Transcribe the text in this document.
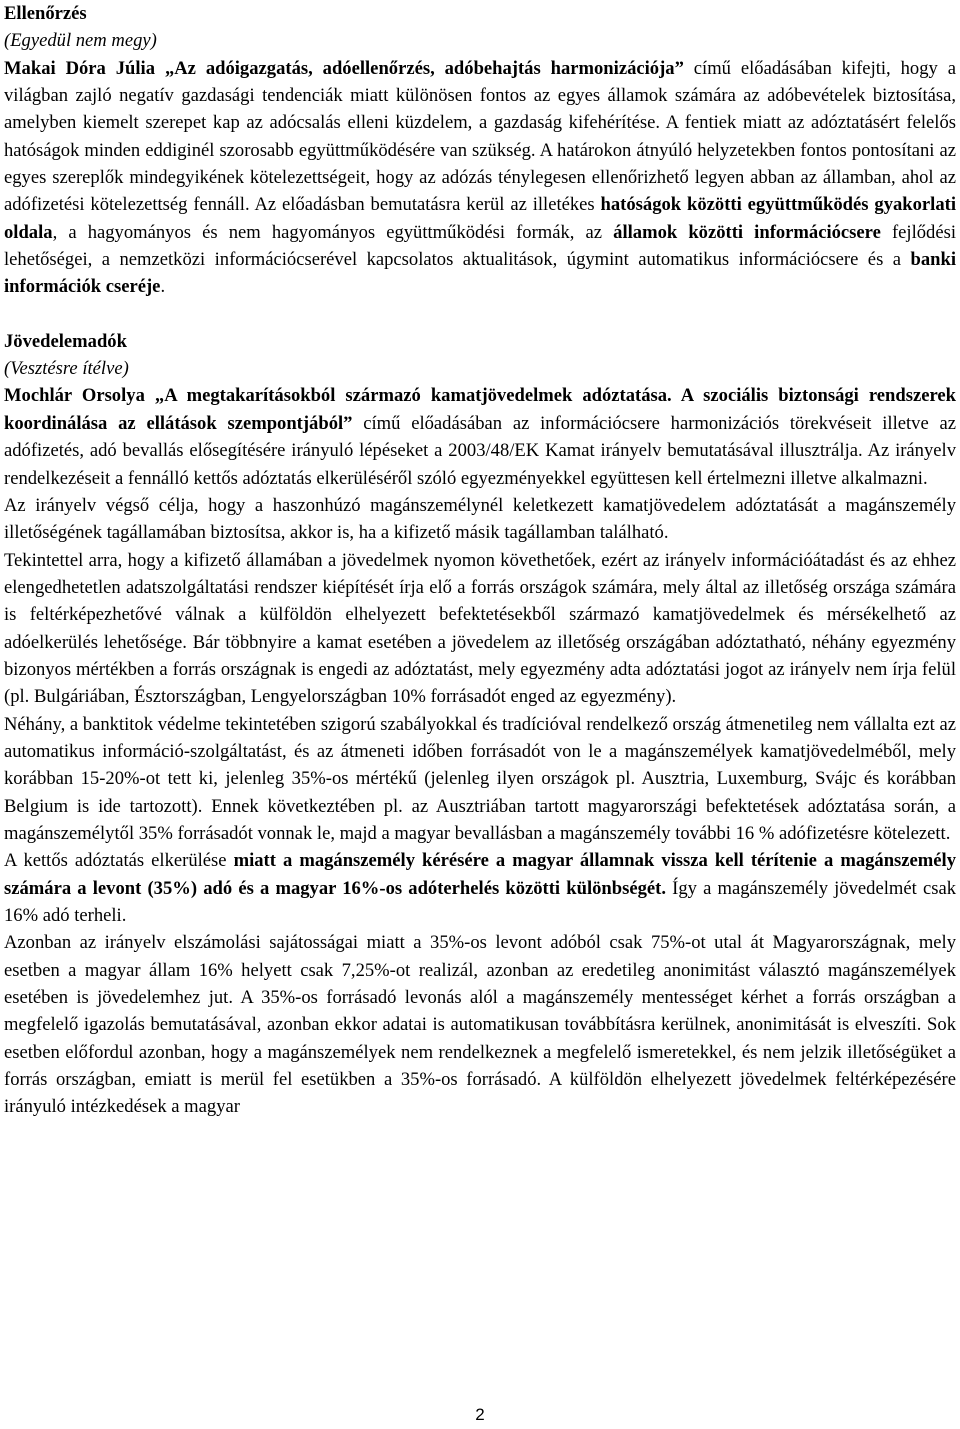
Ellenőrzés

(Egyedül nem megy)

Makai Dóra Júlia „Az adóigazgatás, adóellenőrzés, adóbehajtás harmonizációja” című előadásában kifejti, hogy a világban zajló negatív gazdasági tendenciák miatt különösen fontos az egyes államok számára az adóbevételek biztosítása, amelyben kiemelt szerepet kap az adócsalás elleni küzdelem, a gazdaság kifehérítése. A fentiek miatt az adóztatásért felelős hatóságok minden eddiginél szorosabb együttműködésére van szükség. A határokon átnyúló helyzetekben fontos pontosítani az egyes szereplők mindegyikének kötelezettségeit, hogy az adózás ténylegesen ellenőrizhető legyen abban az államban, ahol az adófizetési kötelezettség fennáll. Az előadásban bemutatásra kerül az illetékes hatóságok közötti együttműködés gyakorlati oldala, a hagyományos és nem hagyományos együttműködési formák, az államok közötti információcsere fejlődési lehetőségei, a nemzetközi információcserével kapcsolatos aktualitások, úgymint automatikus információcsere és a banki információk cseréje.

Jövedelemadók

(Vesztésre ítélve)

Mochlár Orsolya „A megtakarításokból származó kamatjövedelmek adóztatása. A szociális biztonsági rendszerek koordinálása az ellátások szempontjából” című előadásában az információcsere harmonizációs törekvéseit illetve az adófizetés, adó bevallás elősegítésére irányuló lépéseket a 2003/48/EK Kamat irányelv bemutatásával illusztrálja. Az irányelv rendelkezéseit a fennálló kettős adóztatás elkerüléséről szóló egyezményekkel együttesen kell értelmezni illetve alkalmazni.

Az irányelv végső célja, hogy a haszonhúzó magánszemélynél keletkezett kamatjövedelem adóztatását a magánszemély illetőségének tagállamában biztosítsa, akkor is, ha a kifizető másik tagállamban található.

Tekintettel arra, hogy a kifizető államában a jövedelmek nyomon követhetőek, ezért az irányelv információátadást és az ehhez elengedhetetlen adatszolgáltatási rendszer kiépítését írja elő a forrás országok számára, mely által az illetőség országa számára is feltérképezhetővé válnak a külföldön elhelyezett befektetésekből származó kamatjövedelmek és mérsékelhető az adóelkerülés lehetősége. Bár többnyire a kamat esetében a jövedelem az illetőség országában adóztatható, néhány egyezmény bizonyos mértékben a forrás országnak is engedi az adóztatást, mely egyezmény adta adóztatási jogot az irányelv nem írja felül (pl. Bulgáriában, Észtországban, Lengyelországban 10% forrásadót enged az egyezmény).

Néhány, a banktitok védelme tekintetében szigorú szabályokkal és tradícióval rendelkező ország átmenetileg nem vállalta ezt az automatikus információ-szolgáltatást, és az átmeneti időben forrásadót von le a magánszemélyek kamatjövedelméből, mely korábban 15-20%-ot tett ki, jelenleg 35%-os mértékű (jelenleg ilyen országok pl. Ausztria, Luxemburg, Svájc és korábban Belgium is ide tartozott). Ennek következtében pl. az Ausztriában tartott magyarországi befektetések adóztatása során, a magánszemélytől 35% forrásadót vonnak le, majd a magyar bevallásban a magánszemély további 16 % adófizetésre kötelezett.

A kettős adóztatás elkerülése miatt a magánszemély kérésére a magyar államnak vissza kell térítenie a magánszemély számára a levont (35%) adó és a magyar 16%-os adóterhelés közötti különbségét. Így a magánszemély jövedelmét csak 16% adó terheli.

Azonban az irányelv elszámolási sajátosságai miatt a 35%-os levont adóból csak 75%-ot utal át Magyarországnak, mely esetben a magyar állam 16% helyett csak 7,25%-ot realizál, azonban az eredetileg anonimitást választó magánszemélyek esetében is jövedelemhez jut. A 35%-os forrásadó levonás alól a magánszemély mentességet kérhet a forrás országban a megfelelő igazolás bemutatásával, azonban ekkor adatai is automatikusan továbbításra kerülnek, anonimitását is elveszíti. Sok esetben előfordul azonban, hogy a magánszemélyek nem rendelkeznek a megfelelő ismeretekkel, és nem jelzik illetőségüket a forrás országban, emiatt is merül fel esetükben a 35%-os forrásadó. A külföldön elhelyezett jövedelmek feltérképezésére irányuló intézkedések a magyar

2
